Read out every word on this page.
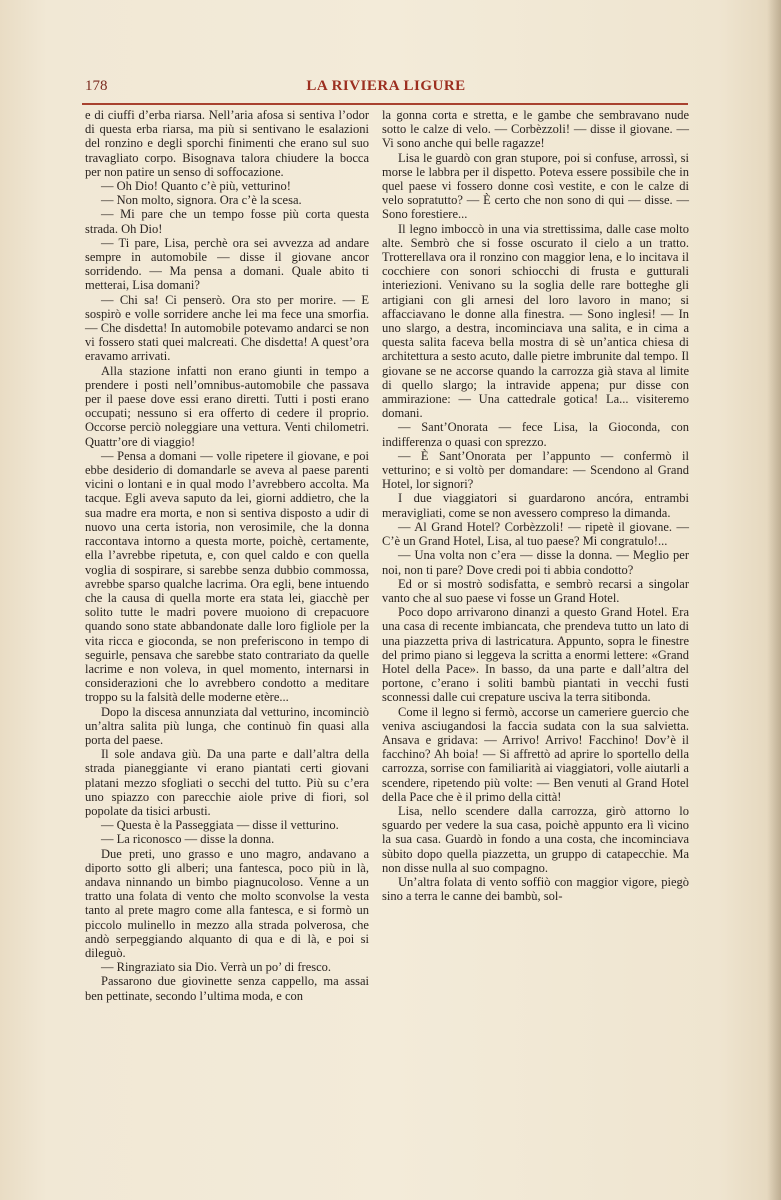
178	LA RIVIERA LIGURE

e di ciuffi d’erba riarsa. Nell’aria afosa si sentiva l’odor di questa erba riarsa, ma più si sentivano le esalazioni del ronzino e degli sporchi finimenti che erano sul suo travagliato corpo. Bisognava talora chiudere la bocca per non patire un senso di soffocazione.

— Oh Dio! Quanto c’è più, vetturino!

— Non molto, signora. Ora c’è la scesa.

— Mi pare che un tempo fosse più corta questa strada. Oh Dio!

— Ti pare, Lisa, perchè ora sei avvezza ad andare sempre in automobile — disse il giovane ancor sorridendo. — Ma pensa a domani. Quale abito ti metterai, Lisa domani?

— Chi sa! Ci penserò. Ora sto per morire. — E sospirò e volle sorridere anche lei ma fece una smorfia. — Che disdetta! In automobile potevamo andarci se non vi fossero stati quei malcreati. Che disdetta! A quest’ora eravamo arrivati.

Alla stazione infatti non erano giunti in tempo a prendere i posti nell’omnibus-automobile che passava per il paese dove essi erano diretti. Tutti i posti erano occupati; nessuno si era offerto di cedere il proprio. Occorse perciò noleggiare una vettura. Venti chilometri. Quattr’ore di viaggio!

— Pensa a domani — volle ripetere il giovane, e poi ebbe desiderio di domandarle se aveva al paese parenti vicini o lontani e in qual modo l’avrebbero accolta. Ma tacque. Egli aveva saputo da lei, giorni addietro, che la sua madre era morta, e non si sentiva disposto a udir di nuovo una certa istoria, non verosimile, che la donna raccontava intorno a questa morte, poichè, certamente, ella l’avrebbe ripetuta, e, con quel caldo e con quella voglia di sospirare, si sarebbe senza dubbio commossa, avrebbe sparso qualche lacrima. Ora egli, bene intuendo che la causa di quella morte era stata lei, giacchè per solito tutte le madri povere muoiono di crepacuore quando sono state abbandonate dalle loro figliole per la vita ricca e gioconda, se non preferiscono in tempo di seguirle, pensava che sarebbe stato contrariato da quelle lacrime e non voleva, in quel momento, internarsi in considerazioni che lo avrebbero condotto a meditare troppo su la falsità delle moderne etère...

Dopo la discesa annunziata dal vetturino, incominciò un’altra salita più lunga, che continuò fin quasi alla porta del paese.

Il sole andava giù. Da una parte e dall’altra della strada pianeggiante vi erano piantati certi giovani platani mezzo sfogliati o secchi del tutto. Più su c’era uno spiazzo con parecchie aiole prive di fiori, sol popolate da tisici arbusti.

— Questa è la Passeggiata — disse il vetturino.

— La riconosco — disse la donna.

Due preti, uno grasso e uno magro, andavano a diporto sotto gli alberi; una fantesca, poco più in là, andava ninnando un bimbo piagnucoloso. Venne a un tratto una folata di vento che molto sconvolse la vesta tanto al prete magro come alla fantesca, e si formò un piccolo mulinello in mezzo alla strada polverosa, che andò serpeggiando alquanto di qua e di là, e poi si dileguò.

— Ringraziato sia Dio. Verrà un po’ di fresco.

Passarono due giovinette senza cappello, ma assai ben pettinate, secondo l’ultima moda, e con

la gonna corta e stretta, e le gambe che sembravano nude sotto le calze di velo. — Corbèzzoli! — disse il giovane. — Vi sono anche qui belle ragazze!

Lisa le guardò con gran stupore, poi si confuse, arrossì, si morse le labbra per il dispetto. Poteva essere possibile che in quel paese vi fossero donne così vestite, e con le calze di velo sopratutto? — È certo che non sono di qui — disse. — Sono forestiere...

Il legno imboccò in una via strettissima, dalle case molto alte. Sembrò che si fosse oscurato il cielo a un tratto. Trotterellava ora il ronzino con maggior lena, e lo incitava il cocchiere con sonori schiocchi di frusta e gutturali interiezioni. Venivano su la soglia delle rare botteghe gli artigiani con gli arnesi del loro lavoro in mano; si affacciavano le donne alla finestra. — Sono inglesi! — In uno slargo, a destra, incominciava una salita, e in cima a questa salita faceva bella mostra di sè un’antica chiesa di architettura a sesto acuto, dalle pietre imbrunite dal tempo. Il giovane se ne accorse quando la carrozza già stava al limite di quello slargo; la intravide appena; pur disse con ammirazione: — Una cattedrale gotica! La... visiteremo domani.

— Sant’Onorata — fece Lisa, la Gioconda, con indifferenza o quasi con sprezzo.

— È Sant’Onorata per l’appunto — confermò il vetturino; e si voltò per domandare: — Scendono al Grand Hotel, lor signori?

I due viaggiatori si guardarono ancóra, entrambi meravigliati, come se non avessero compreso la dimanda.

— Al Grand Hotel? Corbèzzoli! — ripetè il giovane. — C’è un Grand Hotel, Lisa, al tuo paese? Mi congratulo!...

— Una volta non c’era — disse la donna. — Meglio per noi, non ti pare? Dove credi poi ti abbia condotto?

Ed or si mostrò sodisfatta, e sembrò recarsi a singolar vanto che al suo paese vi fosse un Grand Hotel.

Poco dopo arrivarono dinanzi a questo Grand Hotel. Era una casa di recente imbiancata, che prendeva tutto un lato di una piazzetta priva di lastricatura. Appunto, sopra le finestre del primo piano si leggeva la scritta a enormi lettere: «Grand Hotel della Pace». In basso, da una parte e dall’altra del portone, c’erano i soliti bambù piantati in vecchi fusti sconnessi dalle cui crepature usciva la terra sitibonda.

Come il legno si fermò, accorse un cameriere guercio che veniva asciugandosi la faccia sudata con la sua salvietta. Ansava e gridava: — Arrivo! Arrivo! Facchino! Dov’è il facchino? Ah boia! — Si affrettò ad aprire lo sportello della carrozza, sorrise con familiarità ai viaggiatori, volle aiutarli a scendere, ripetendo più volte: — Ben venuti al Grand Hotel della Pace che è il primo della città!

Lisa, nello scendere dalla carrozza, girò attorno lo sguardo per vedere la sua casa, poichè appunto era lì vicino la sua casa. Guardò in fondo a una costa, che incominciava sùbito dopo quella piazzetta, un gruppo di catapecchie. Ma non disse nulla al suo compagno.

Un’altra folata di vento soffiò con maggior vigore, piegò sino a terra le canne dei bambù, sol-
